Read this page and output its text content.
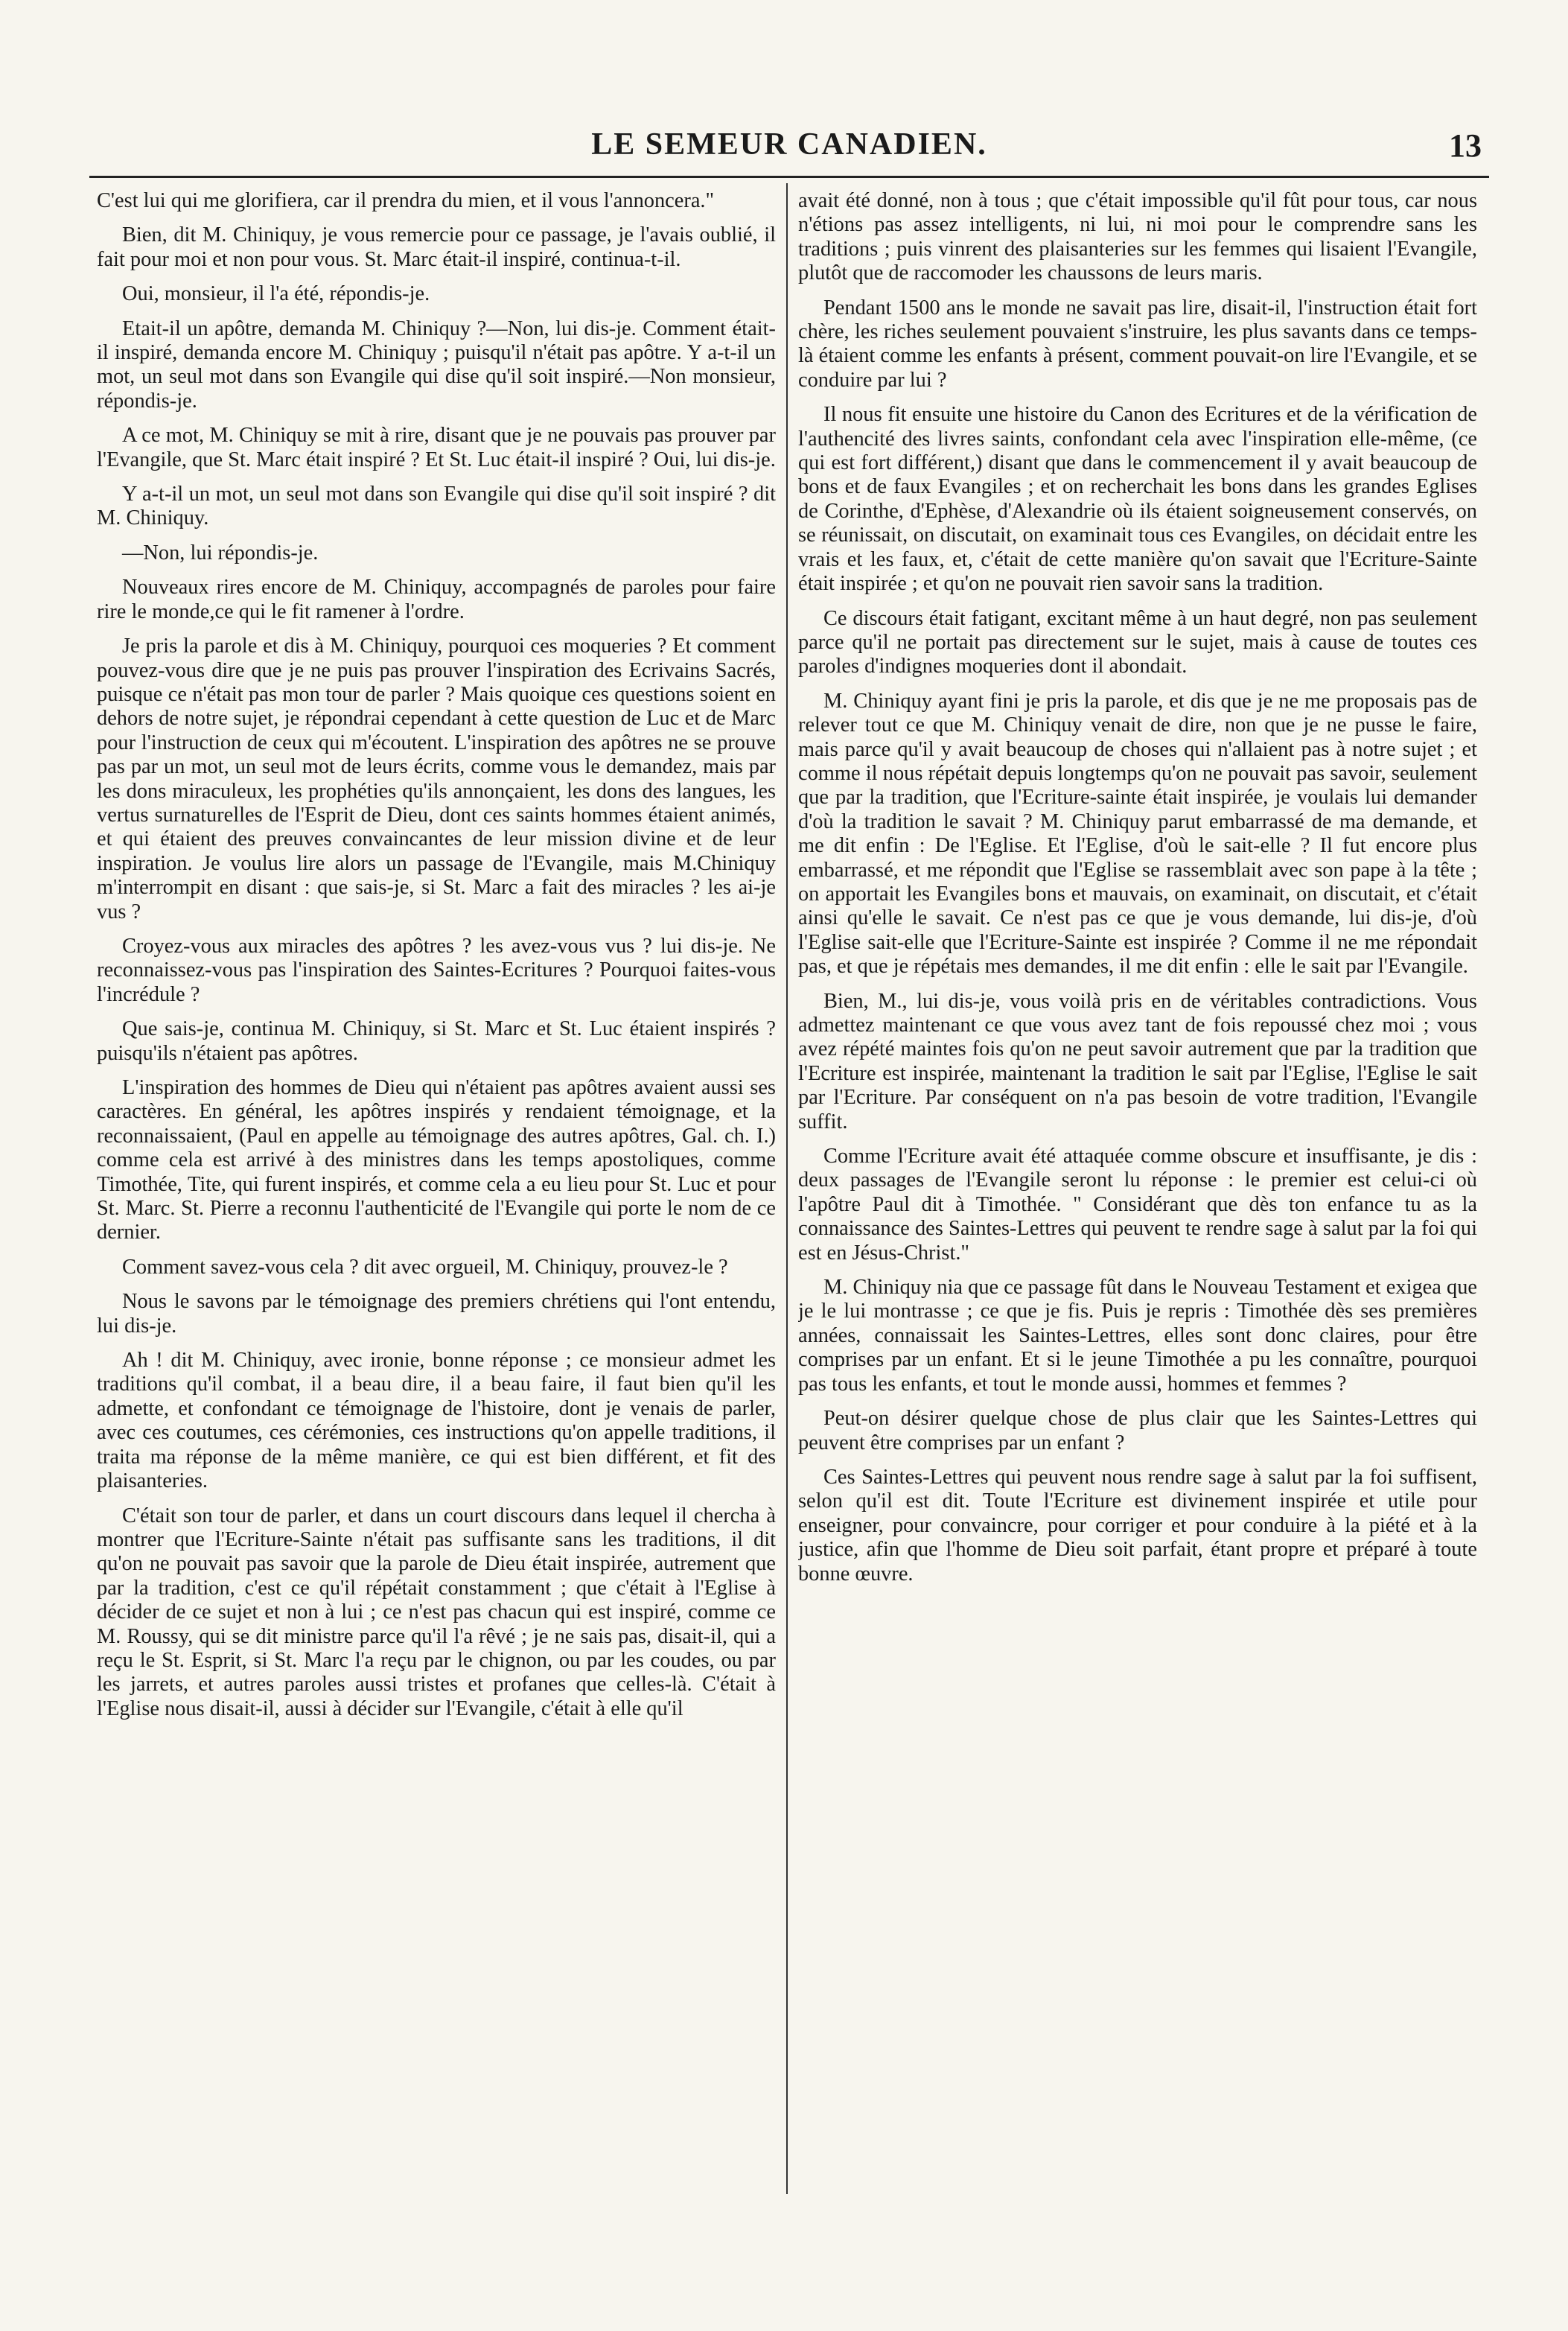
LE SEMEUR CANADIEN.	13

C'est lui qui me glorifiera, car il prendra du mien, et il vous l'annoncera."

Bien, dit M. Chiniquy, je vous remercie pour ce passage, je l'avais oublié, il fait pour moi et non pour vous. St. Marc était-il inspiré, continua-t-il.

Oui, monsieur, il l'a été, répondis-je.

Etait-il un apôtre, demanda M. Chiniquy ?—Non, lui dis-je. Comment était-il inspiré, demanda encore M. Chiniquy ; puisqu'il n'était pas apôtre. Y a-t-il un mot, un seul mot dans son Evangile qui dise qu'il soit inspiré.—Non monsieur, répondis-je.

A ce mot, M. Chiniquy se mit à rire, disant que je ne pouvais pas prouver par l'Evangile, que St. Marc était inspiré ? Et St. Luc était-il inspiré ? Oui, lui dis-je.

Y a-t-il un mot, un seul mot dans son Evangile qui dise qu'il soit inspiré ? dit M. Chiniquy.

—Non, lui répondis-je.

Nouveaux rires encore de M. Chiniquy, accompagnés de paroles pour faire rire le monde,ce qui le fit ramener à l'ordre.

Je pris la parole et dis à M. Chiniquy, pourquoi ces moqueries ? Et comment pouvez-vous dire que je ne puis pas prouver l'inspiration des Ecrivains Sacrés, puisque ce n'était pas mon tour de parler ? Mais quoique ces questions soient en dehors de notre sujet, je répondrai cependant à cette question de Luc et de Marc pour l'instruction de ceux qui m'écoutent. L'inspiration des apôtres ne se prouve pas par un mot, un seul mot de leurs écrits, comme vous le demandez, mais par les dons miraculeux, les prophéties qu'ils annonçaient, les dons des langues, les vertus surnaturelles de l'Esprit de Dieu, dont ces saints hommes étaient animés, et qui étaient des preuves convaincantes de leur mission divine et de leur inspiration. Je voulus lire alors un passage de l'Evangile, mais M.Chiniquy m'interrompit en disant : que sais-je, si St. Marc a fait des miracles ? les ai-je vus ?

Croyez-vous aux miracles des apôtres ? les avez-vous vus ? lui dis-je. Ne reconnaissez-vous pas l'inspiration des Saintes-Ecritures ? Pourquoi faites-vous l'incrédule ?

Que sais-je, continua M. Chiniquy, si St. Marc et St. Luc étaient inspirés ? puisqu'ils n'étaient pas apôtres.

L'inspiration des hommes de Dieu qui n'étaient pas apôtres avaient aussi ses caractères. En général, les apôtres inspirés y rendaient témoignage, et la reconnaissaient, (Paul en appelle au témoignage des autres apôtres, Gal. ch. I.) comme cela est arrivé à des ministres dans les temps apostoliques, comme Timothée, Tite, qui furent inspirés, et comme cela a eu lieu pour St. Luc et pour St. Marc. St. Pierre a reconnu l'authenticité de l'Evangile qui porte le nom de ce dernier.

Comment savez-vous cela ? dit avec orgueil, M. Chiniquy, prouvez-le ?

Nous le savons par le témoignage des premiers chrétiens qui l'ont entendu, lui dis-je.

Ah ! dit M. Chiniquy, avec ironie, bonne réponse ; ce monsieur admet les traditions qu'il combat, il a beau dire, il a beau faire, il faut bien qu'il les admette, et confondant ce témoignage de l'histoire, dont je venais de parler, avec ces coutumes, ces cérémonies, ces instructions qu'on appelle traditions, il traita ma réponse de la même manière, ce qui est bien différent, et fit des plaisanteries.

C'était son tour de parler, et dans un court discours dans lequel il chercha à montrer que l'Ecriture-Sainte n'était pas suffisante sans les traditions, il dit qu'on ne pouvait pas savoir que la parole de Dieu était inspirée, autrement que par la tradition, c'est ce qu'il répétait constamment ; que c'était à l'Eglise à décider de ce sujet et non à lui ; ce n'est pas chacun qui est inspiré, comme ce M. Roussy, qui se dit ministre parce qu'il l'a rêvé ; je ne sais pas, disait-il, qui a reçu le St. Esprit, si St. Marc l'a reçu par le chignon, ou par les coudes, ou par les jarrets, et autres paroles aussi tristes et profanes que celles-là. C'était à l'Eglise nous disait-il, aussi à décider sur l'Evangile, c'était à elle qu'il

avait été donné, non à tous ; que c'était impossible qu'il fût pour tous, car nous n'étions pas assez intelligents, ni lui, ni moi pour le comprendre sans les traditions ; puis vinrent des plaisanteries sur les femmes qui lisaient l'Evangile, plutôt que de raccomoder les chaussons de leurs maris.

Pendant 1500 ans le monde ne savait pas lire, disait-il, l'instruction était fort chère, les riches seulement pouvaient s'instruire, les plus savants dans ce temps-là étaient comme les enfants à présent, comment pouvait-on lire l'Evangile, et se conduire par lui ?

Il nous fit ensuite une histoire du Canon des Ecritures et de la vérification de l'authencité des livres saints, confondant cela avec l'inspiration elle-même, (ce qui est fort différent,) disant que dans le commencement il y avait beaucoup de bons et de faux Evangiles ; et on recherchait les bons dans les grandes Eglises de Corinthe, d'Ephèse, d'Alexandrie où ils étaient soigneusement conservés, on se réunissait, on discutait, on examinait tous ces Evangiles, on décidait entre les vrais et les faux, et, c'était de cette manière qu'on savait que l'Ecriture-Sainte était inspirée ; et qu'on ne pouvait rien savoir sans la tradition.

Ce discours était fatigant, excitant même à un haut degré, non pas seulement parce qu'il ne portait pas directement sur le sujet, mais à cause de toutes ces paroles d'indignes moqueries dont il abondait.

M. Chiniquy ayant fini je pris la parole, et dis que je ne me proposais pas de relever tout ce que M. Chiniquy venait de dire, non que je ne pusse le faire, mais parce qu'il y avait beaucoup de choses qui n'allaient pas à notre sujet ; et comme il nous répétait depuis longtemps qu'on ne pouvait pas savoir, seulement que par la tradition, que l'Ecriture-sainte était inspirée, je voulais lui demander d'où la tradition le savait ? M. Chiniquy parut embarrassé de ma demande, et me dit enfin : De l'Eglise. Et l'Eglise, d'où le sait-elle ? Il fut encore plus embarrassé, et me répondit que l'Eglise se rassemblait avec son pape à la tête ; on apportait les Evangiles bons et mauvais, on examinait, on discutait, et c'était ainsi qu'elle le savait. Ce n'est pas ce que je vous demande, lui dis-je, d'où l'Eglise sait-elle que l'Ecriture-Sainte est inspirée ? Comme il ne me répondait pas, et que je répétais mes demandes, il me dit enfin : elle le sait par l'Evangile.

Bien, M., lui dis-je, vous voilà pris en de véritables contradictions. Vous admettez maintenant ce que vous avez tant de fois repoussé chez moi ; vous avez répété maintes fois qu'on ne peut savoir autrement que par la tradition que l'Ecriture est inspirée, maintenant la tradition le sait par l'Eglise, l'Eglise le sait par l'Ecriture. Par conséquent on n'a pas besoin de votre tradition, l'Evangile suffit.

Comme l'Ecriture avait été attaquée comme obscure et insuffisante, je dis : deux passages de l'Evangile seront lu réponse : le premier est celui-ci où l'apôtre Paul dit à Timothée. " Considérant que dès ton enfance tu as la connaissance des Saintes-Lettres qui peuvent te rendre sage à salut par la foi qui est en Jésus-Christ."

M. Chiniquy nia que ce passage fût dans le Nouveau Testament et exigea que je le lui montrasse ; ce que je fis. Puis je repris : Timothée dès ses premières années, connaissait les Saintes-Lettres, elles sont donc claires, pour être comprises par un enfant. Et si le jeune Timothée a pu les connaître, pourquoi pas tous les enfants, et tout le monde aussi, hommes et femmes ?

Peut-on désirer quelque chose de plus clair que les Saintes-Lettres qui peuvent être comprises par un enfant ?

Ces Saintes-Lettres qui peuvent nous rendre sage à salut par la foi suffisent, selon qu'il est dit. Toute l'Ecriture est divinement inspirée et utile pour enseigner, pour convaincre, pour corriger et pour conduire à la piété et à la justice, afin que l'homme de Dieu soit parfait, étant propre et préparé à toute bonne œuvre.
